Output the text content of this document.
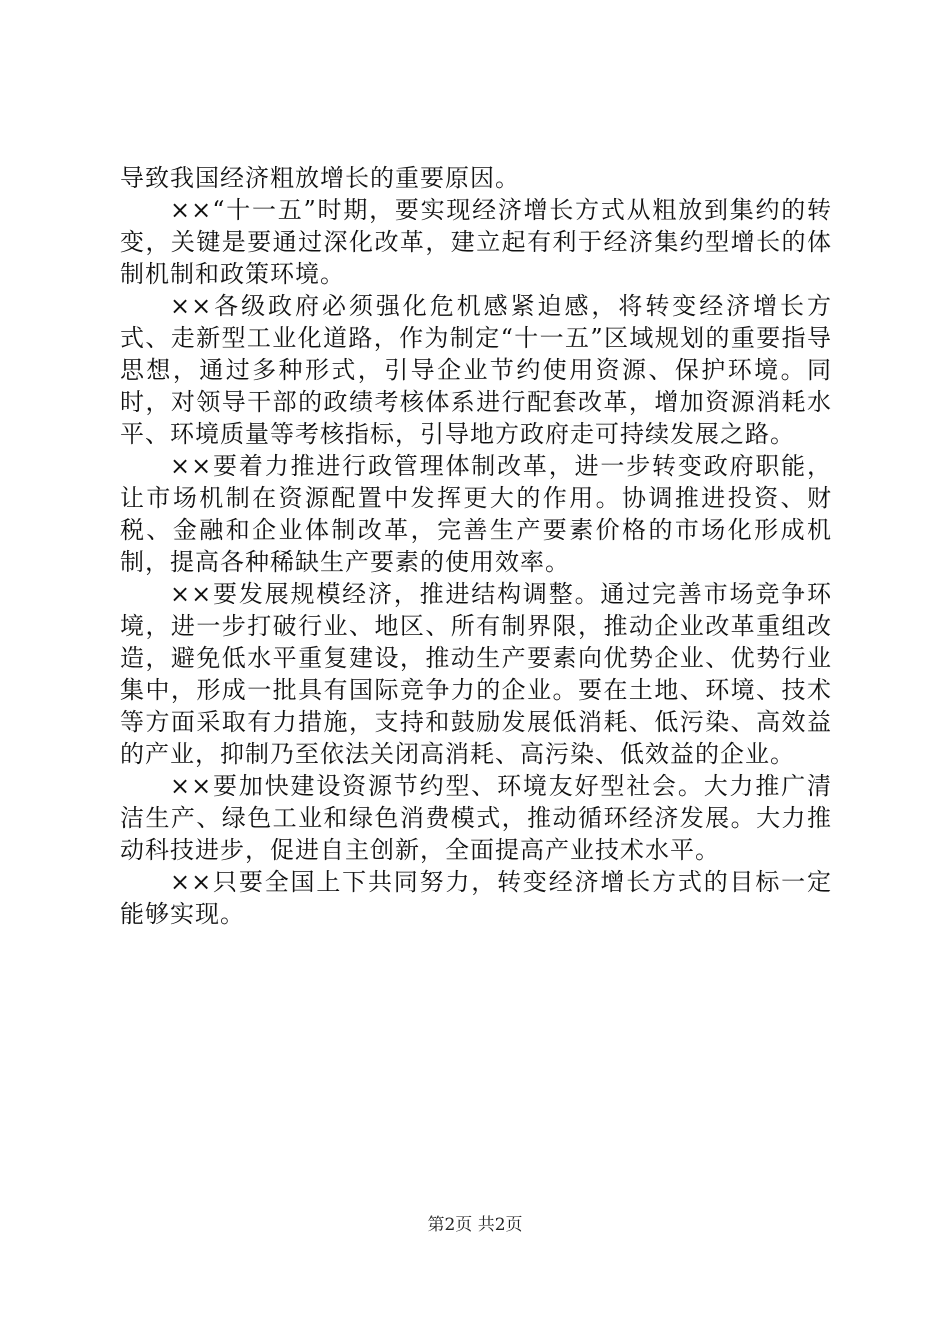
导致我国经济粗放增长的重要原因。

××“十一五”时期，要实现经济增长方式从粗放到集约的转变，关键是要通过深化改革，建立起有利于经济集约型增长的体制机制和政策环境。

××各级政府必须强化危机感紧迫感，将转变经济增长方式、走新型工业化道路，作为制定“十一五”区域规划的重要指导思想，通过多种形式，引导企业节约使用资源、保护环境。同时，对领导干部的政绩考核体系进行配套改革，增加资源消耗水平、环境质量等考核指标，引导地方政府走可持续发展之路。

××要着力推进行政管理体制改革，进一步转变政府职能，让市场机制在资源配置中发挥更大的作用。协调推进投资、财税、金融和企业体制改革，完善生产要素价格的市场化形成机制，提高各种稀缺生产要素的使用效率。

××要发展规模经济，推进结构调整。通过完善市场竞争环境，进一步打破行业、地区、所有制界限，推动企业改革重组改造，避免低水平重复建设，推动生产要素向优势企业、优势行业集中，形成一批具有国际竞争力的企业。要在土地、环境、技术等方面采取有力措施，支持和鼓励发展低消耗、低污染、高效益的产业，抑制乃至依法关闭高消耗、高污染、低效益的企业。

××要加快建设资源节约型、环境友好型社会。大力推广清洁生产、绿色工业和绿色消费模式，推动循环经济发展。大力推动科技进步，促进自主创新，全面提高产业技术水平。

××只要全国上下共同努力，转变经济增长方式的目标一定能够实现。

第2页 共2页
